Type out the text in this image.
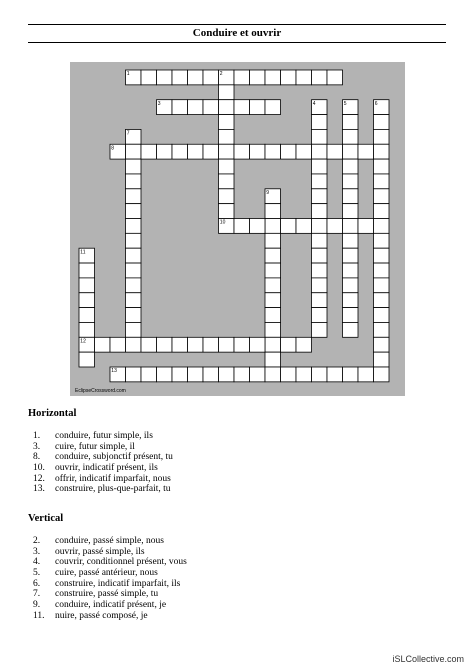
Conduire et ouvrir
1	2
3	4	5	6
7
8
9
10
11
12
13
EclipseCrossword.com
Horizontal
1. conduire, futur simple, ils
3. cuire, futur simple, il
8. conduire, subjonctif présent, tu
10. ouvrir, indicatif présent, ils
12. offrir, indicatif imparfait, nous
13. construire, plus-que-parfait, tu
Vertical
2. conduire, passé simple, nous
3. ouvrir, passé simple, ils
4. couvrir, conditionnel présent, vous
5. cuire, passé antérieur, nous
6. construire, indicatif imparfait, ils
7. construire, passé simple, tu
9. conduire, indicatif présent, je
11. nuire, passé composé, je
iSLCollective.com
